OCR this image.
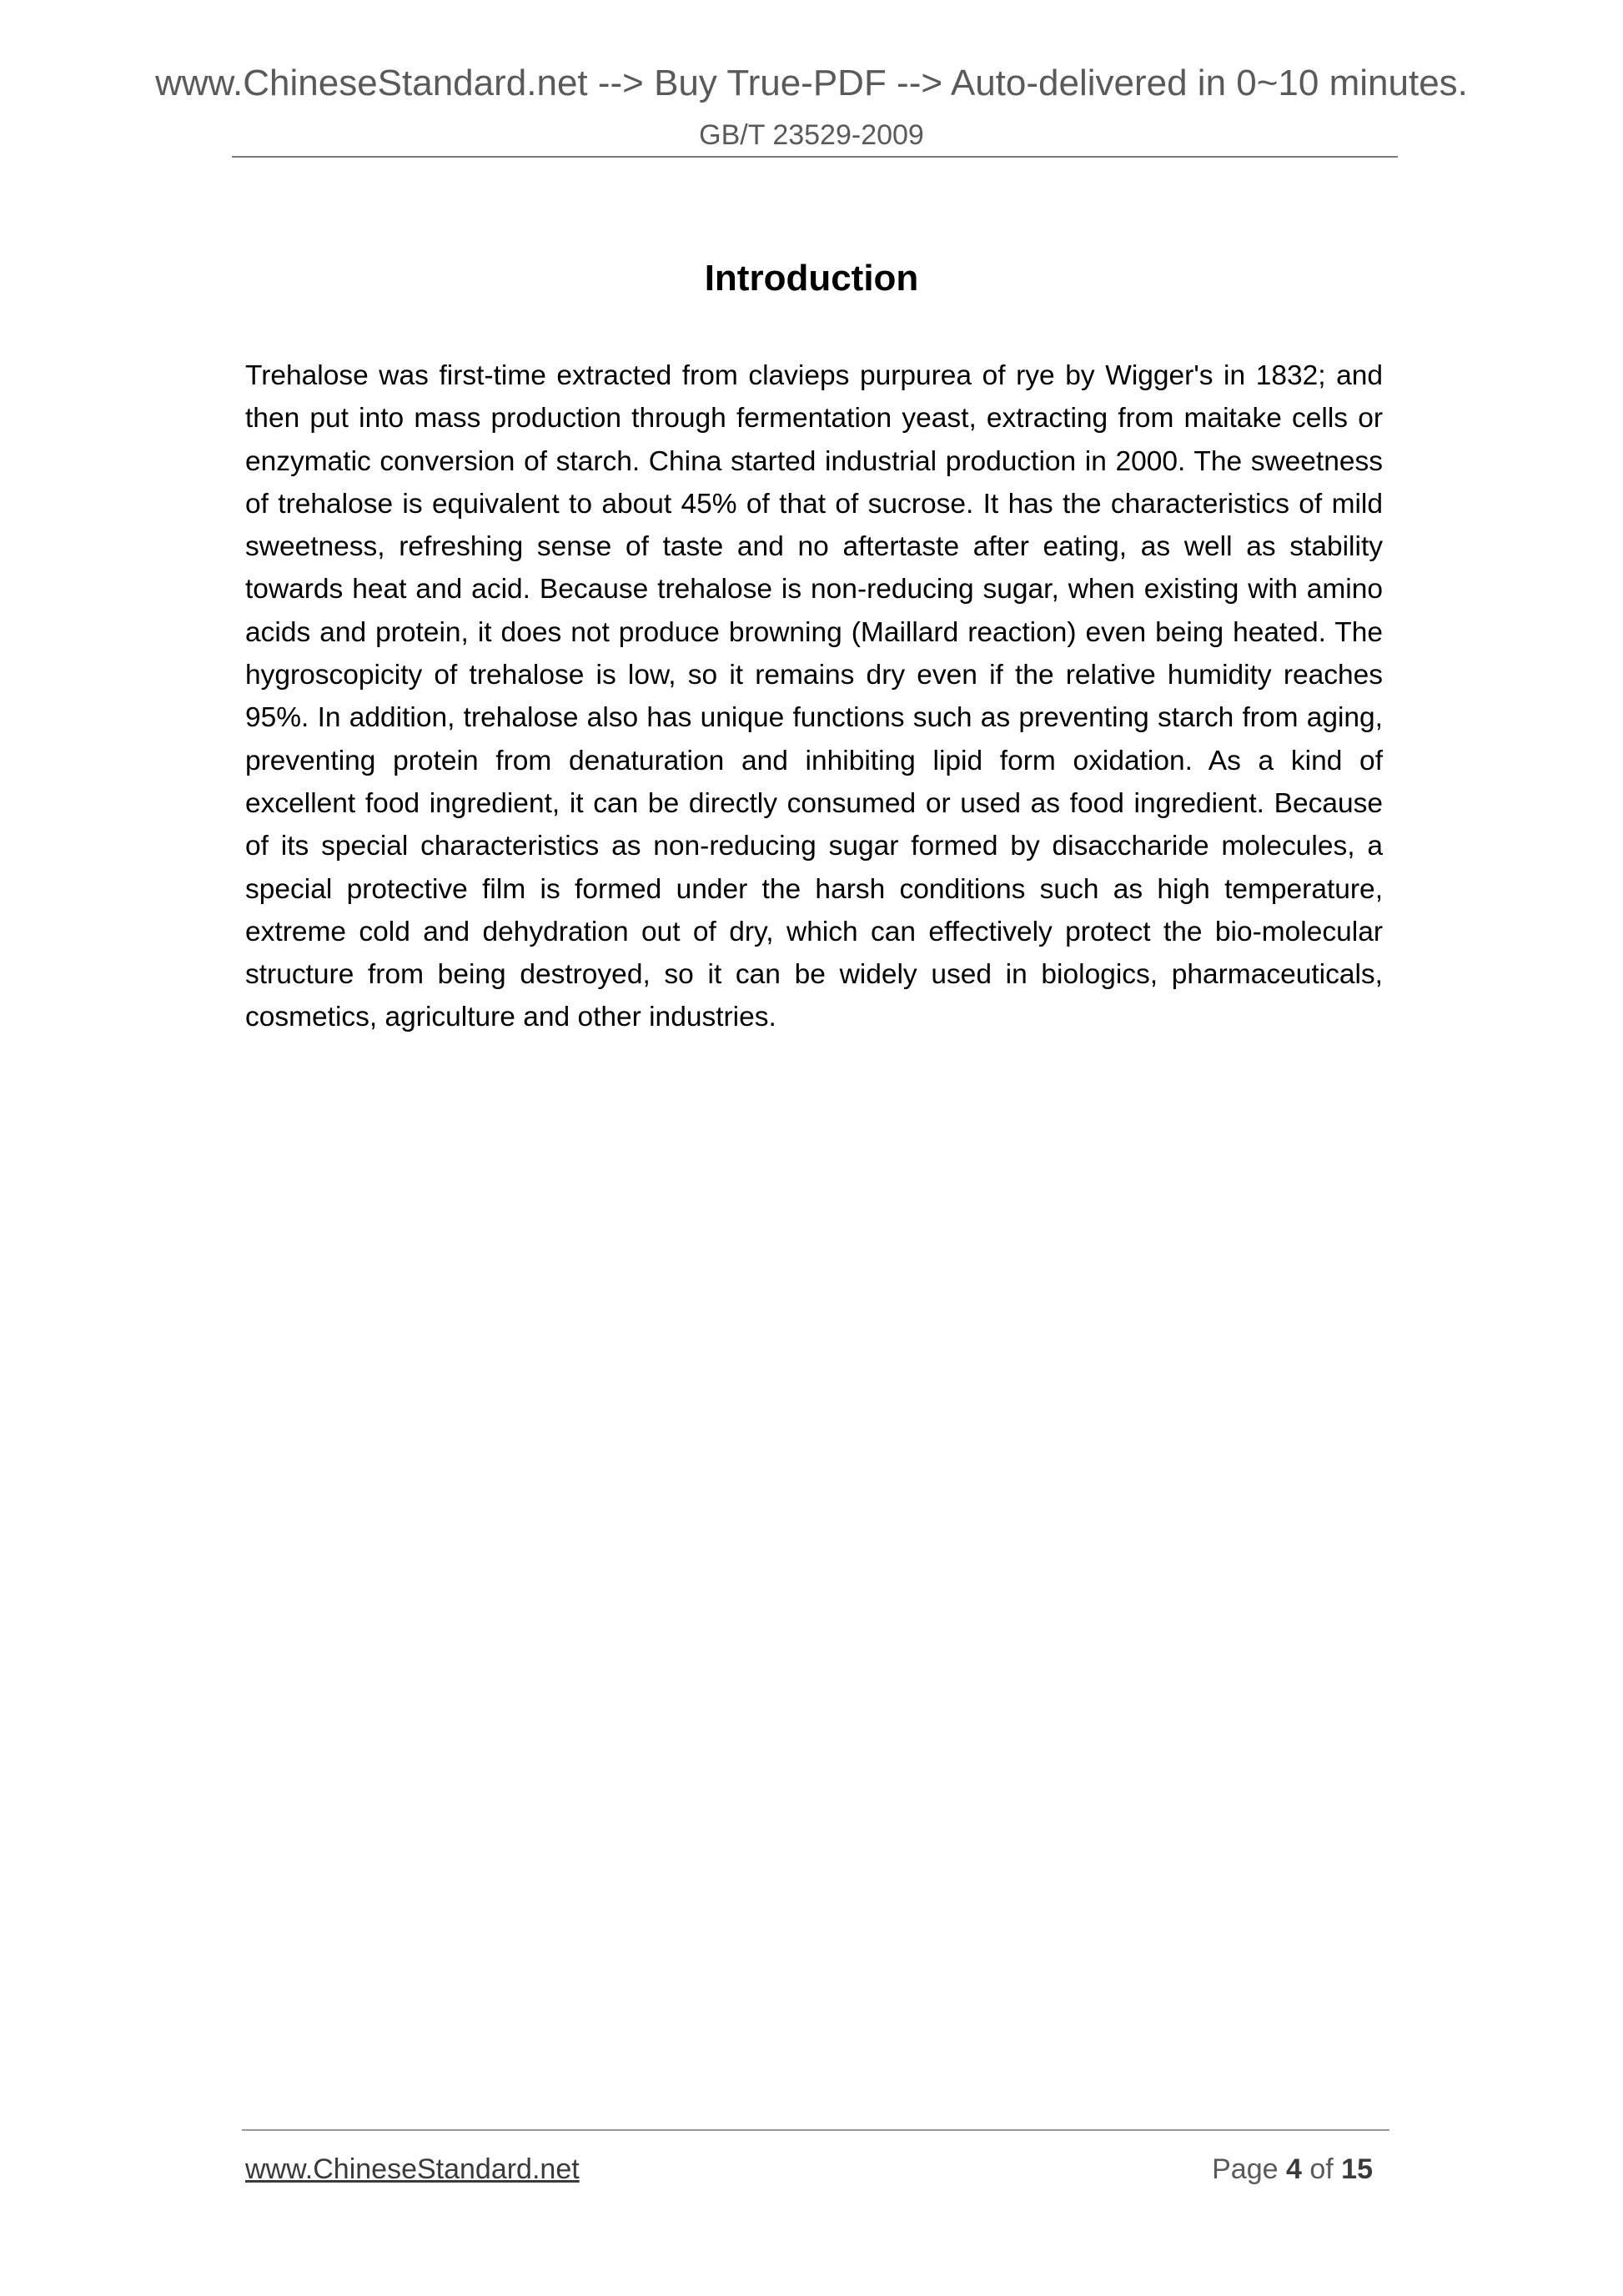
www.ChineseStandard.net --> Buy True-PDF --> Auto-delivered in 0~10 minutes.
GB/T 23529-2009
Introduction

Trehalose was first-time extracted from clavieps purpurea of rye by Wigger's in 1832; and then put into mass production through fermentation yeast, extracting from maitake cells or enzymatic conversion of starch. China started industrial production in 2000. The sweetness of trehalose is equivalent to about 45% of that of sucrose. It has the characteristics of mild sweetness, refreshing sense of taste and no aftertaste after eating, as well as stability towards heat and acid. Because trehalose is non-reducing sugar, when existing with amino acids and protein, it does not produce browning (Maillard reaction) even being heated. The hygroscopicity of trehalose is low, so it remains dry even if the relative humidity reaches 95%. In addition, trehalose also has unique functions such as preventing starch from aging, preventing protein from denaturation and inhibiting lipid form oxidation. As a kind of excellent food ingredient, it can be directly consumed or used as food ingredient. Because of its special characteristics as non-reducing sugar formed by disaccharide molecules, a special protective film is formed under the harsh conditions such as high temperature, extreme cold and dehydration out of dry, which can effectively protect the bio-molecular structure from being destroyed, so it can be widely used in biologics, pharmaceuticals, cosmetics, agriculture and other industries.

www.ChineseStandard.net	Page 4 of 15
